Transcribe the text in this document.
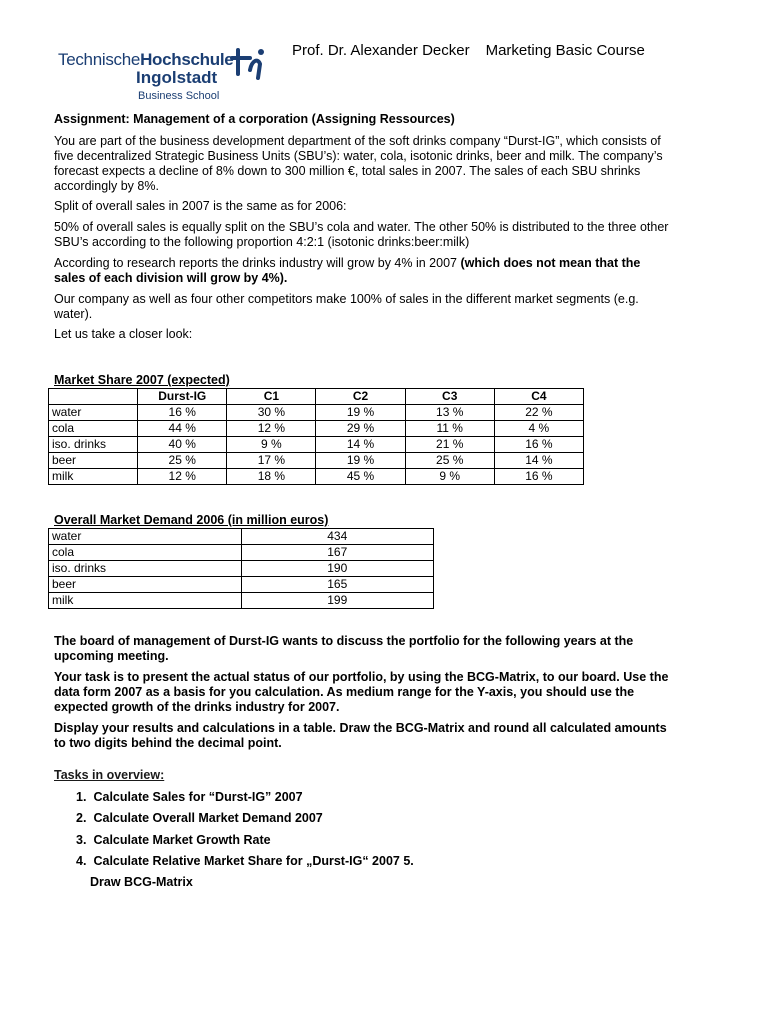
TechnischeHochschule
Ingolstadt
Business School
Prof. Dr. Alexander Decker Marketing Basic Course
Assignment: Management of a corporation (Assigning Ressources)
You are part of the business development department of the soft drinks company “Durst-IG”, which consists of five decentralized Strategic Business Units (SBU’s): water, cola, isotonic drinks, beer and milk. The company’s forecast expects a decline of 8% down to 300 million €, total sales in 2007. The sales of each SBU shrinks accordingly by 8%.
Split of overall sales in 2007 is the same as for 2006:
50% of overall sales is equally split on the SBU’s cola and water. The other 50% is distributed to the three other SBU’s according to the following proportion 4:2:1 (isotonic drinks:beer:milk)
According to research reports the drinks industry will grow by 4% in 2007 (which does not mean that the sales of each division will grow by 4%).
Our company as well as four other competitors make 100% of sales in the different market segments (e.g. water).
Let us take a closer look:
Market Share 2007 (expected)
	Durst-IG	C1	C2	C3	C4
water	16 %	30 %	19 %	13 %	22 %
cola	44 %	12 %	29 %	11 %	4 %
iso. drinks	40 %	9 %	14 %	21 %	16 %
beer	25 %	17 %	19 %	25 %	14 %
milk	12 %	18 %	45 %	9 %	16 %
Overall Market Demand 2006 (in million euros)
water	434
cola	167
iso. drinks	190
beer	165
milk	199
The board of management of Durst-IG wants to discuss the portfolio for the following years at the upcoming meeting.
Your task is to present the actual status of our portfolio, by using the BCG-Matrix, to our board. Use the data form 2007 as a basis for you calculation. As medium range for the Y-axis, you should use the expected growth of the drinks industry for 2007.
Display your results and calculations in a table. Draw the BCG-Matrix and round all calculated amounts to two digits behind the decimal point.
Tasks in overview:
1. Calculate Sales for “Durst-IG” 2007
2. Calculate Overall Market Demand 2007
3. Calculate Market Growth Rate
4. Calculate Relative Market Share for „Durst-IG“ 2007 5.
Draw BCG-Matrix
